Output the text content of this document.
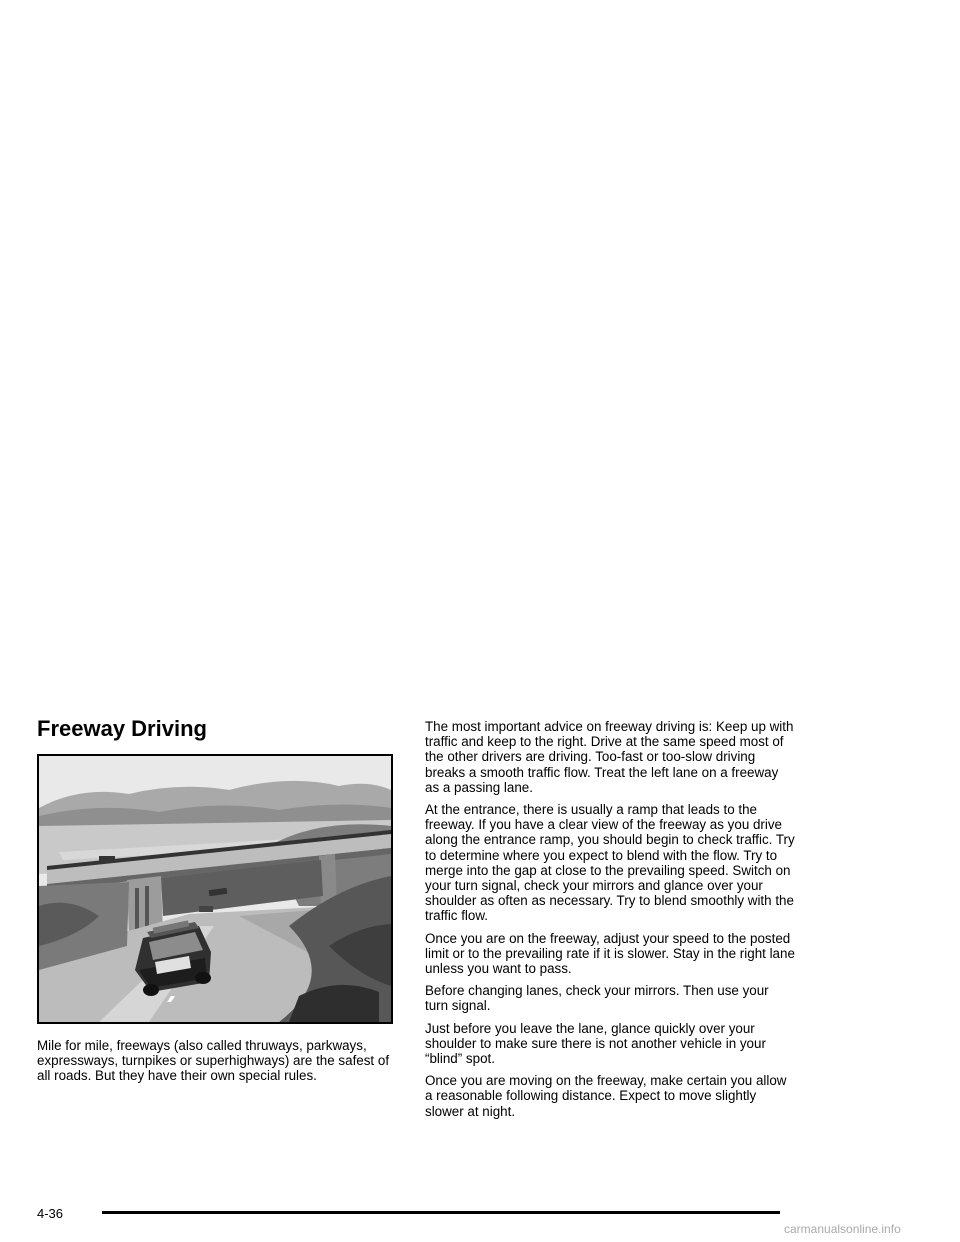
Freeway Driving

Mile for mile, freeways (also called thruways, parkways, expressways, turnpikes or superhighways) are the safest of all roads. But they have their own special rules.

The most important advice on freeway driving is: Keep up with traffic and keep to the right. Drive at the same speed most of the other drivers are driving. Too-fast or too-slow driving breaks a smooth traffic flow. Treat the left lane on a freeway as a passing lane.

At the entrance, there is usually a ramp that leads to the freeway. If you have a clear view of the freeway as you drive along the entrance ramp, you should begin to check traffic. Try to determine where you expect to blend with the flow. Try to merge into the gap at close to the prevailing speed. Switch on your turn signal, check your mirrors and glance over your shoulder as often as necessary. Try to blend smoothly with the traffic flow.

Once you are on the freeway, adjust your speed to the posted limit or to the prevailing rate if it is slower. Stay in the right lane unless you want to pass.

Before changing lanes, check your mirrors. Then use your turn signal.

Just before you leave the lane, glance quickly over your shoulder to make sure there is not another vehicle in your “blind” spot.

Once you are moving on the freeway, make certain you allow a reasonable following distance. Expect to move slightly slower at night.

4-36
carmanualsonline.info
